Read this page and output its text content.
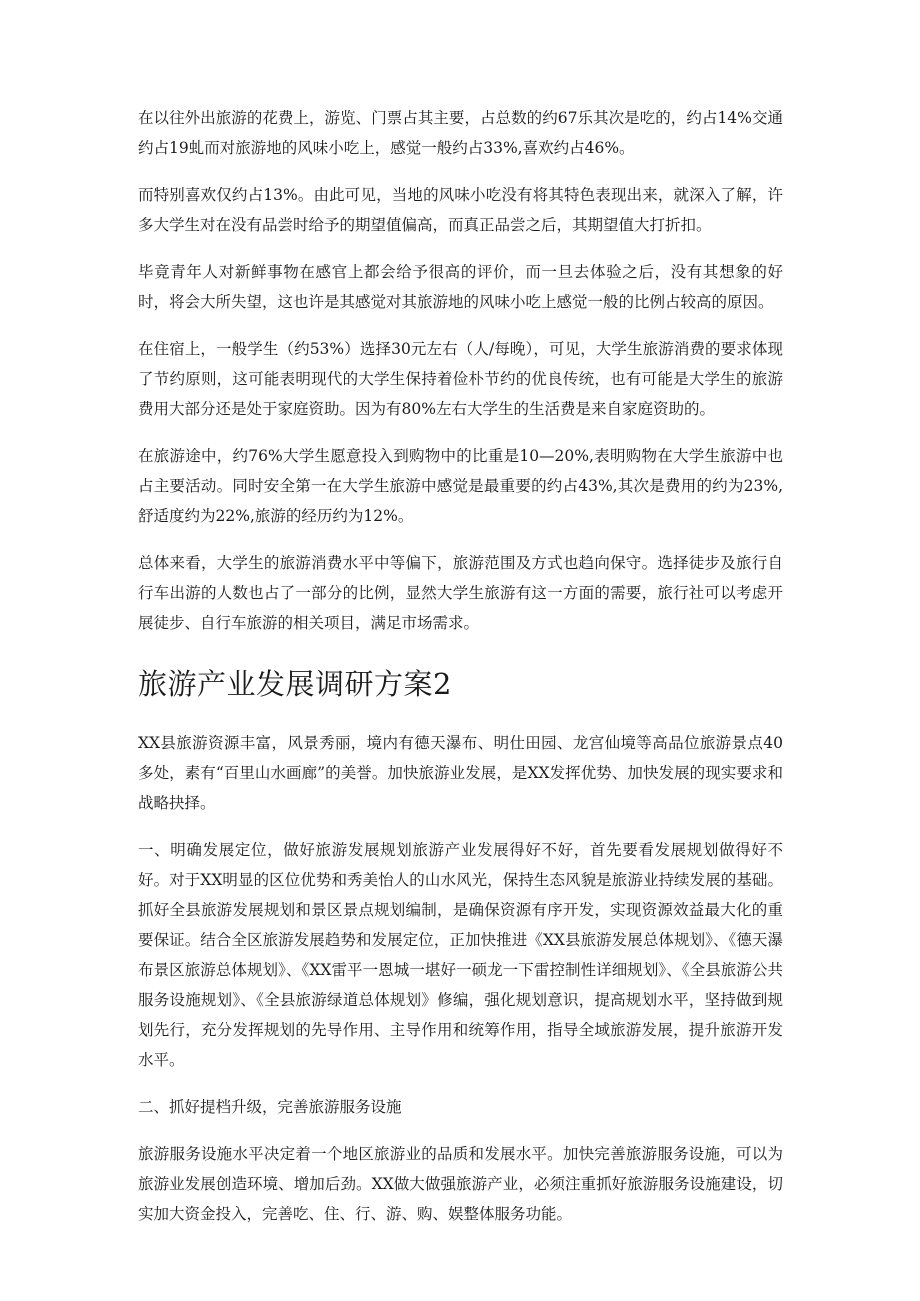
在以往外出旅游的花费上，游览、门票占其主要，占总数的约67乐其次是吃的，约占14%交通约占19虬而对旅游地的风味小吃上，感觉一般约占33%,喜欢约占46%。

而特别喜欢仅约占13%。由此可见，当地的风味小吃没有将其特色表现出来，就深入了解，许多大学生对在没有品尝时给予的期望值偏高，而真正品尝之后，其期望值大打折扣。

毕竟青年人对新鲜事物在感官上都会给予很高的评价，而一旦去体验之后，没有其想象的好时，将会大所失望，这也许是其感觉对其旅游地的风味小吃上感觉一般的比例占较高的原因。

在住宿上，一般学生（约53%）选择30元左右（人/每晚），可见，大学生旅游消费的要求体现了节约原则，这可能表明现代的大学生保持着俭朴节约的优良传统，也有可能是大学生的旅游费用大部分还是处于家庭资助。因为有80%左右大学生的生活费是来自家庭资助的。

在旅游途中，约76%大学生愿意投入到购物中的比重是10—20%,表明购物在大学生旅游中也占主要活动。同时安全第一在大学生旅游中感觉是最重要的约占43%,其次是费用的约为23%,舒适度约为22%,旅游的经历约为12%。

总体来看，大学生的旅游消费水平中等偏下，旅游范围及方式也趋向保守。选择徒步及旅行自行车出游的人数也占了一部分的比例，显然大学生旅游有这一方面的需要，旅行社可以考虑开展徒步、自行车旅游的相关项目，满足市场需求。

旅游产业发展调研方案2

XX县旅游资源丰富，风景秀丽，境内有德天瀑布、明仕田园、龙宫仙境等高品位旅游景点40多处，素有“百里山水画廊”的美誉。加快旅游业发展，是XX发挥优势、加快发展的现实要求和战略抉择。

一、明确发展定位，做好旅游发展规划旅游产业发展得好不好，首先要看发展规划做得好不好。对于XX明显的区位优势和秀美怡人的山水风光，保持生态风貌是旅游业持续发展的基础。抓好全县旅游发展规划和景区景点规划编制，是确保资源有序开发，实现资源效益最大化的重要保证。结合全区旅游发展趋势和发展定位，正加快推进《XX县旅游发展总体规划》、《德天瀑布景区旅游总体规划》、《XX雷平一恩城一堪好一硕龙一下雷控制性详细规划》、《全县旅游公共服务设施规划》、《全县旅游绿道总体规划》修编，强化规划意识，提高规划水平，坚持做到规划先行，充分发挥规划的先导作用、主导作用和统筹作用，指导全域旅游发展，提升旅游开发水平。

二、抓好提档升级，完善旅游服务设施

旅游服务设施水平决定着一个地区旅游业的品质和发展水平。加快完善旅游服务设施，可以为旅游业发展创造环境、增加后劲。XX做大做强旅游产业，必须注重抓好旅游服务设施建设，切实加大资金投入，完善吃、住、行、游、购、娱整体服务功能。
